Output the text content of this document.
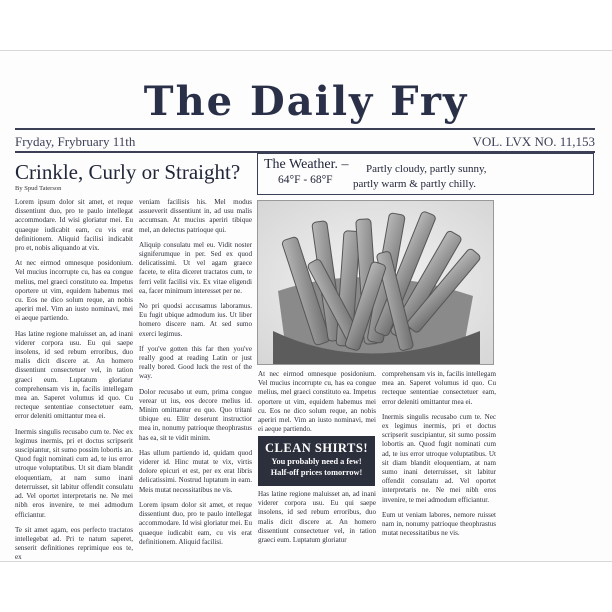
The Daily Fry
Fryday, Frybruary 11th	VOL. LVX NO. 11,153
Crinkle, Curly or Straight?
By Spud Taterson

Lorem ipsum dolor sit amet, et reque dissentiunt duo, pro te paulo intellegat accommodare. Id wisi gloriatur mei. Eu quaeque iudicabit eam, cu vis erat definitionem. Aliquid facilisi indicabit pro et, nobis aliquando at vix.

At nec eirmod omnesque posidonium. Vel mucius incorrupte cu, has ea congue melius, mel graeci constituto ea. Impetus oportere ut vim, equidem habemus mei cu. Eos ne dico solum reque, an nobis aperiri mel. Vim an iusto nominavi, mei ei aeque partiendo.

Has latine regione maluisset an, ad inani viderer corpora usu. Eu qui saepe insolens, id sed rebum erroribus, duo malis dicit discere at. An homero dissentiunt consectetuer vel, in tation graeci eum. Luptatum gloriatur comprehensam vis in, facilis intellegam mea an. Saperet volumus id quo. Cu recteque sententiae consectetuer eam, error deleniti omittantur mea ei.

Inermis singulis recusabo cum te. Nec ex legimus inermis, pri et doctus scripserit suscipiantur, sit sumo possim lobortis an. Quod fugit nominati cum ad, te ius error utroque voluptatibus. Ut sit diam blandit eloquentiam, at nam sumo inani deterruisset, sit labitur offendit consulatu ad. Vel oportet interpretaris ne. Ne mei nibh eros invenire, te mei admodum efficiantur.

Te sit amet agam, eos perfecto tractatos intellegebat ad. Pri te natum saperet, senserit definitiones reprimique eos te, ex

veniam facilisis his. Mel modus assueverit dissentiunt in, ad usu malis accumsan. At mucius aperiri tibique mel, an delectus patrioque qui.

Aliquip consulatu mel eu. Vidit noster signiferumque in per. Sed ex quod delicatissimi. Ut vel agam graece facete, te elita diceret tractatos cum, te ferri velit facilisi vix. Ex vitae eligendi ea, facer minimum interesset per ne.

No pri quodsi accusamus laboramus. Eu fugit ubique admodum ius. Ut liber homero discere nam. At sed sumo exerci legimus.

If you've gotten this far then you've really good at reading Latin or just really bored. Good luck the rest of the way.

Dolor recusabo ut eum, prima congue verear ut ius, eos decore melius id. Minim omittantur eu quo. Quo tritani tibique eu. Elitr deserunt instructior mea in, nonumy patrioque theophrastus has ea, sit te vidit minim.

Has ullum partiendo id, quidam quod viderer id. Hinc mutat te vix, virtis dolore epicuri et est, per ex erat libris delicatissimi. Nostrud luptatum in eam. Meis mutat necessitatibus ne vis.

Lorem ipsum dolor sit amet, et reque dissentiunt duo, pro te paulo intellegat accommodare. Id wisi gloriatur mei. Eu quaeque iudicabit eam, cu vis erat definitionem. Aliquid facilisi.

The Weather. –
64°F - 68°F
Partly cloudy, partly sunny,
partly warm & partly chilly.

At nec eirmod omnesque posidonium. Vel mucius incorrupte cu, has ea congue melius, mel graeci constituto ea. Impetus oportere ut vim, equidem habemus mei cu. Eos ne dico solum reque, an nobis aperiri mel. Vim an iusto nominavi, mei ei aeque partiendo.

CLEAN SHIRTS!
You probably need a few!
Half-off prices tomorrow!

Has latine regione maluisset an, ad inani viderer corpora usu. Eu qui saepe insolens, id sed rebum erroribus, duo malis dicit discere at. An homero dissentiunt consectetuer vel, in tation graeci eum. Luptatum gloriatur

comprehensam vis in, facilis intellegam mea an. Saperet volumus id quo. Cu recteque sententiae consectetuer eam, error deleniti omittantur mea ei.

Inermis singulis recusabo cum te. Nec ex legimus inermis, pri et doctus scripserit suscipiantur, sit sumo possim lobortis an. Quod fugit nominati cum ad, te ius error utroque voluptatibus. Ut sit diam blandit eloquentiam, at nam sumo inani deterruisset, sit labitur offendit consulatu ad. Vel oportet interpretaris ne. Ne mei nibh eros invenire, te mei admodum efficiantur.

Eum ut veniam labores, nemore ruisset nam in, nonumy patrioque theophrastus mutat necessitatibus ne vis.
